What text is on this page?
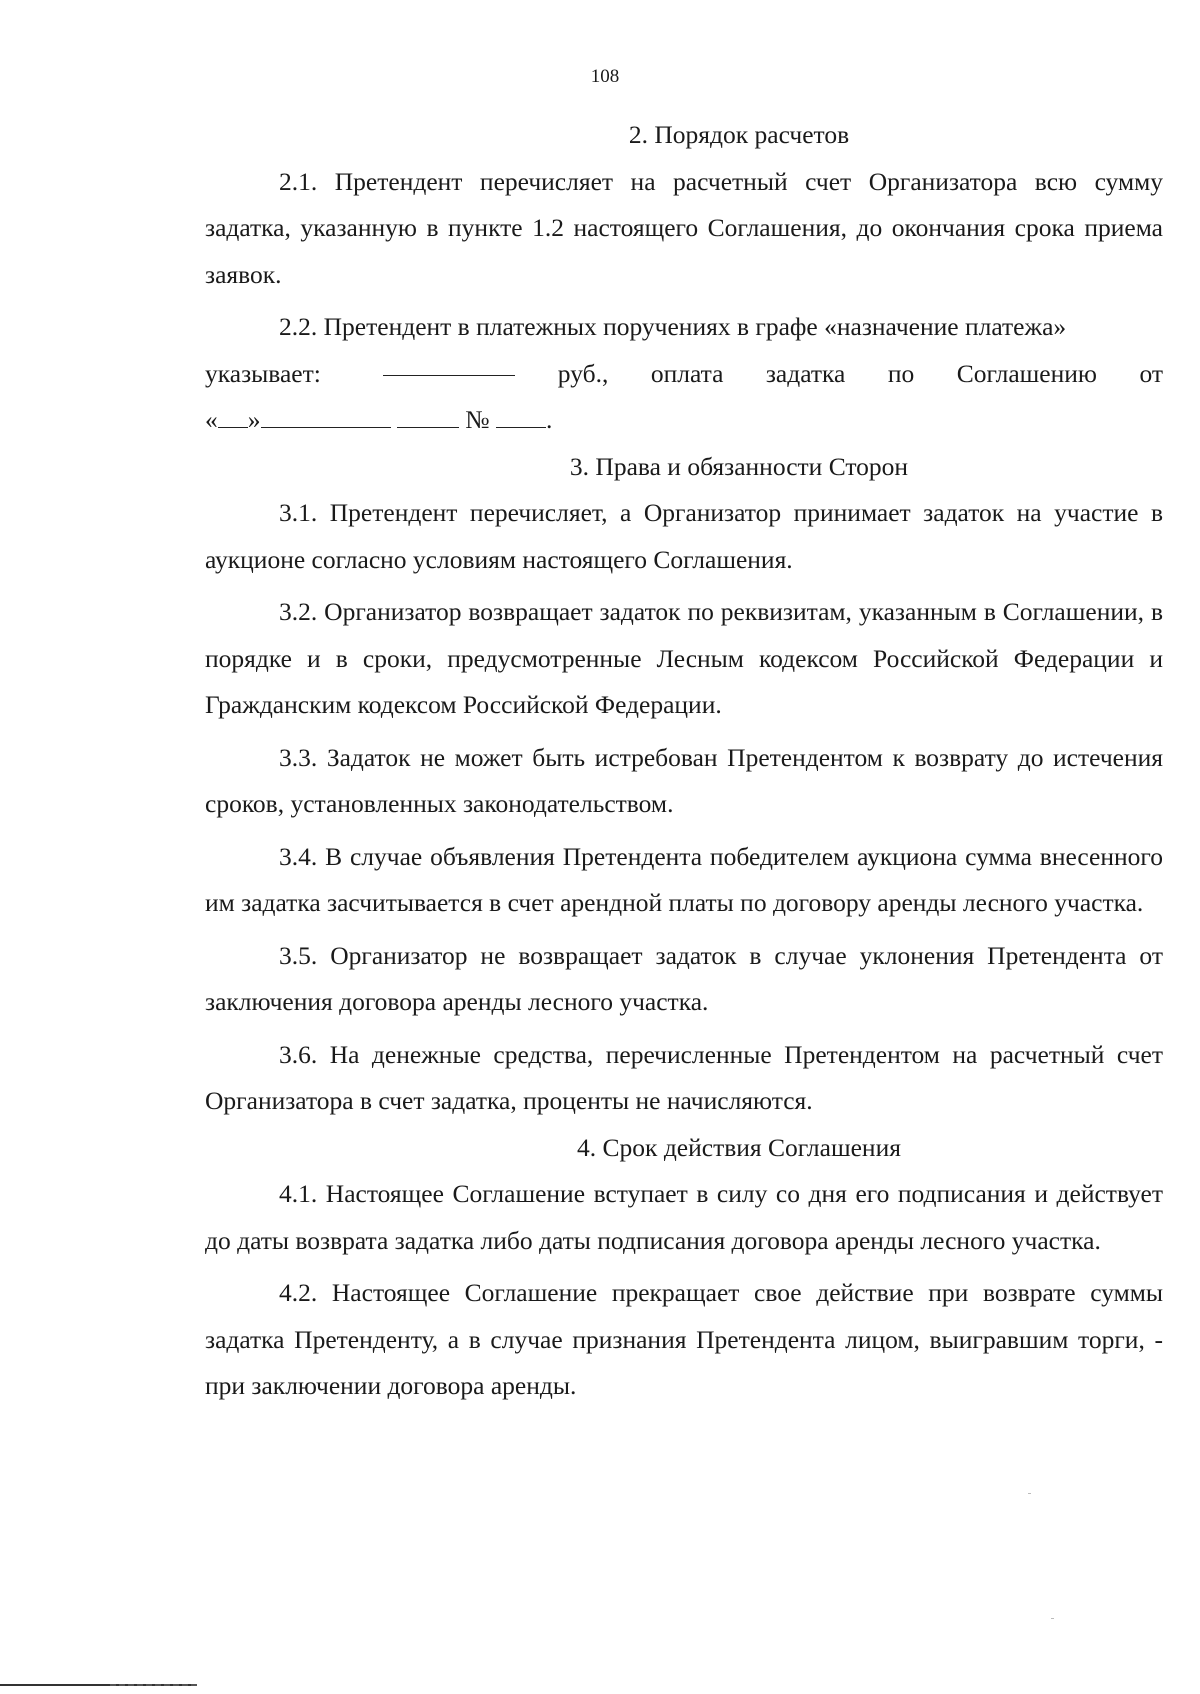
108
2. Порядок расчетов

2.1. Претендент перечисляет на расчетный счет Организатора всю сумму задатка, указанную в пункте 1.2 настоящего Соглашения, до окончания срока приема заявок.

2.2. Претендент в платежных поручениях в графе «назначение платежа»

указывает:	руб., оплата задатка по Соглашению от

« »	№ .

3. Права и обязанности Сторон

3.1. Претендент перечисляет, а Организатор принимает задаток на участие в аукционе согласно условиям настоящего Соглашения.

3.2. Организатор возвращает задаток по реквизитам, указанным в Соглашении, в порядке и в сроки, предусмотренные Лесным кодексом Российской Федерации и Гражданским кодексом Российской Федерации.

3.3. Задаток не может быть истребован Претендентом к возврату до истечения сроков, установленных законодательством.

3.4. В случае объявления Претендента победителем аукциона сумма внесенного им задатка засчитывается в счет арендной платы по договору аренды лесного участка.

3.5. Организатор не возвращает задаток в случае уклонения Претендента от заключения договора аренды лесного участка.

3.6. На денежные средства, перечисленные Претендентом на расчетный счет Организатора в счет задатка, проценты не начисляются.

4. Срок действия Соглашения

4.1. Настоящее Соглашение вступает в силу со дня его подписания и действует до даты возврата задатка либо даты подписания договора аренды лесного участка.

4.2. Настоящее Соглашение прекращает свое действие при возврате суммы задатка Претенденту, а в случае признания Претендента лицом, выигравшим торги, - при заключении договора аренды.
